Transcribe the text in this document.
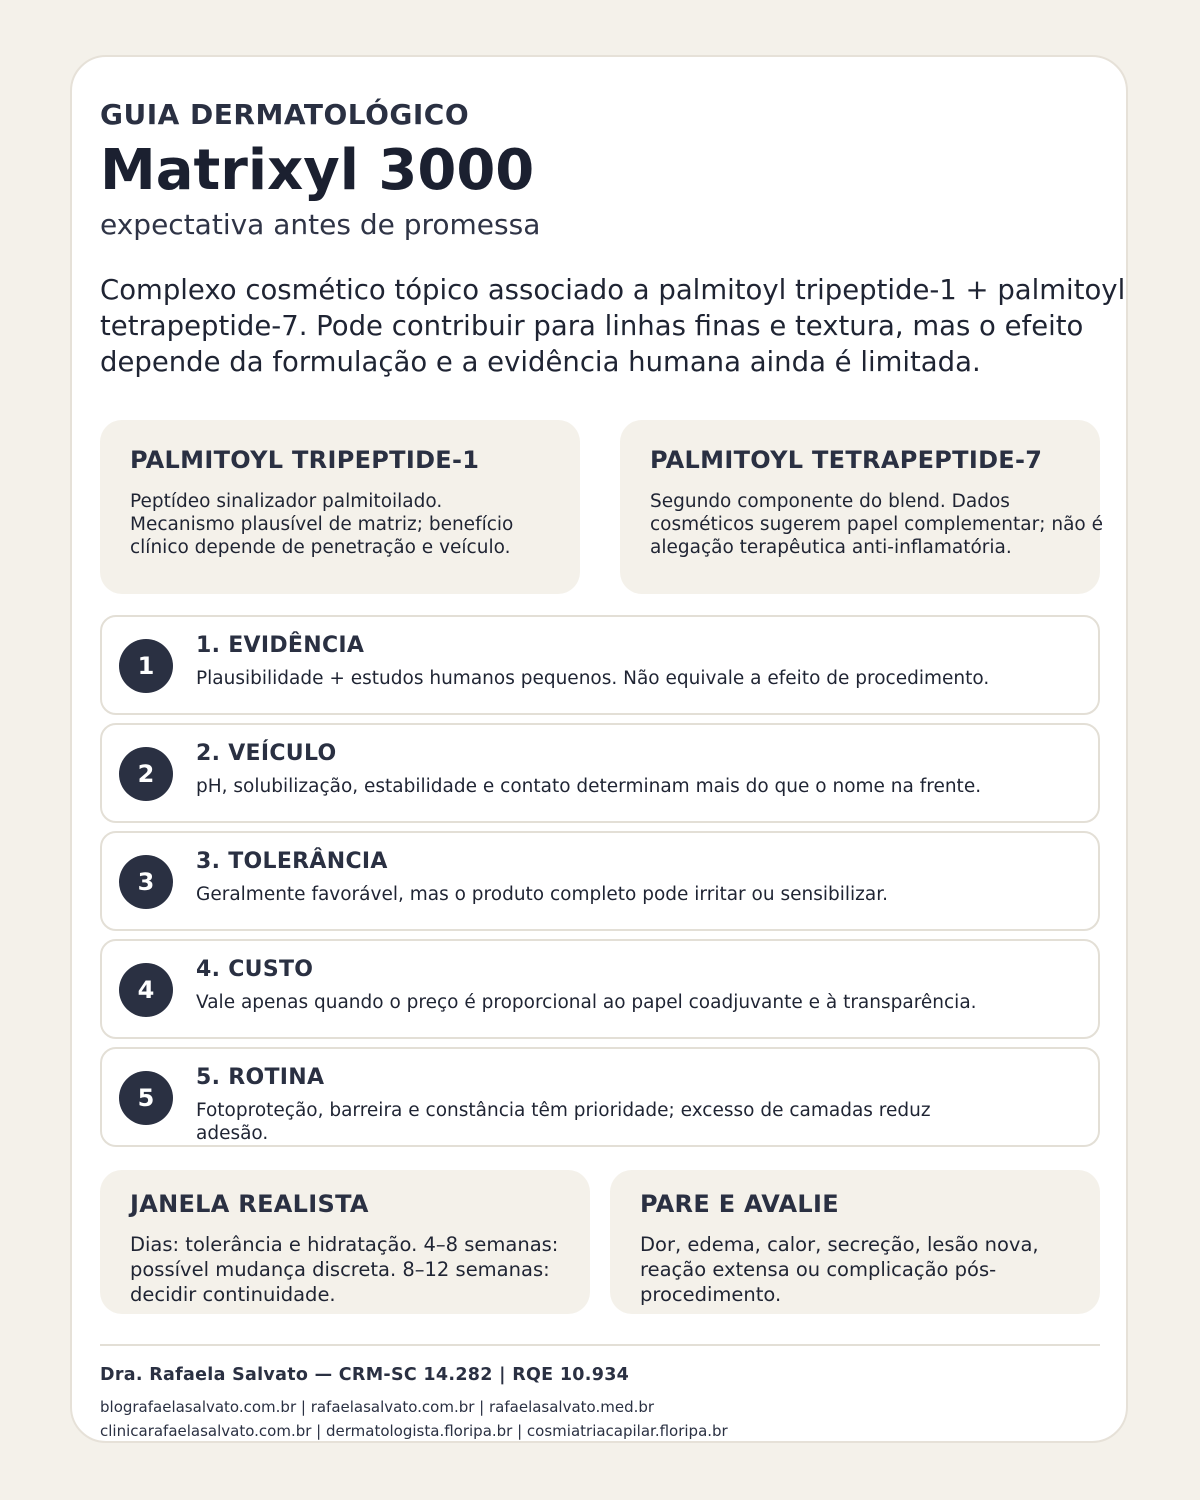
GUIA DERMATOLÓGICO
Matrixyl 3000
expectativa antes de promessa
Complexo cosmético tópico associado a palmitoyl tripeptide-1 + palmitoyl tetrapeptide-7. Pode contribuir para linhas finas e textura, mas o efeito depende da formulação e a evidência humana ainda é limitada.
PALMITOYL TRIPEPTIDE-1
Peptídeo sinalizador palmitoilado. Mecanismo plausível de matriz; benefício clínico depende de penetração e veículo.
PALMITOYL TETRAPEPTIDE-7
Segundo componente do blend. Dados cosméticos sugerem papel complementar; não é alegação terapêutica anti-inflamatória.
1
1. EVIDÊNCIA
Plausibilidade + estudos humanos pequenos. Não equivale a efeito de procedimento.
2
2. VEÍCULO
pH, solubilização, estabilidade e contato determinam mais do que o nome na frente.
3
3. TOLERÂNCIA
Geralmente favorável, mas o produto completo pode irritar ou sensibilizar.
4
4. CUSTO
Vale apenas quando o preço é proporcional ao papel coadjuvante e à transparência.
5
5. ROTINA
Fotoproteção, barreira e constância têm prioridade; excesso de camadas reduz adesão.
JANELA REALISTA
Dias: tolerância e hidratação. 4–8 semanas: possível mudança discreta. 8–12 semanas: decidir continuidade.
PARE E AVALIE
Dor, edema, calor, secreção, lesão nova, reação extensa ou complicação pós-procedimento.
Dra. Rafaela Salvato — CRM-SC 14.282 | RQE 10.934
blografaelasalvato.com.br | rafaelasalvato.com.br | rafaelasalvato.med.br
clinicarafaelasalvato.com.br | dermatologista.floripa.br | cosmiatriacapilar.floripa.br
